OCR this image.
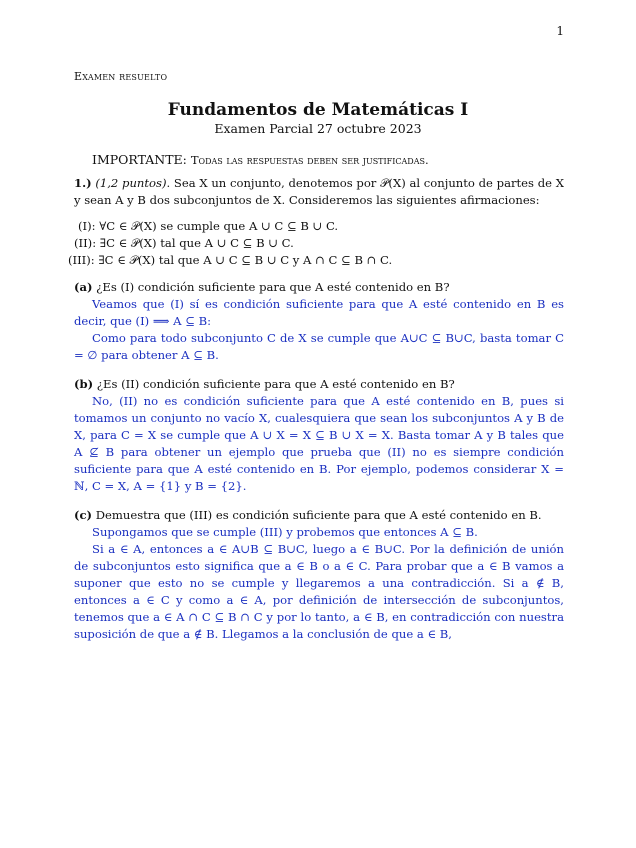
1
Examen resuelto
Fundamentos de Matemáticas I
Examen Parcial 27 octubre 2023
IMPORTANTE: Todas las respuestas deben ser justificadas.

1.) (1,2 puntos). Sea X un conjunto, denotemos por 𝒫(X) al conjunto de partes de X y sean A y B dos subconjuntos de X. Consideremos las siguientes afirmaciones:

(I): ∀C ∈ 𝒫(X) se cumple que A ∪ C ⊆ B ∪ C.

(II): ∃C ∈ 𝒫(X) tal que A ∪ C ⊆ B ∪ C.

(III): ∃C ∈ 𝒫(X) tal que A ∪ C ⊆ B ∪ C y A ∩ C ⊆ B ∩ C.

(a) ¿Es (I) condición suficiente para que A esté contenido en B?

Veamos que (I) sí es condición suficiente para que A esté contenido en B es decir, que (I) ⟹ A ⊆ B:

Como para todo subconjunto C de X se cumple que A∪C ⊆ B∪C, basta tomar C = ∅ para obtener A ⊆ B.

(b) ¿Es (II) condición suficiente para que A esté contenido en B?

No, (II) no es condición suficiente para que A esté contenido en B, pues si tomamos un conjunto no vacío X, cualesquiera que sean los subconjuntos A y B de X, para C = X se cumple que A ∪ X = X ⊆ B ∪ X = X. Basta tomar A y B tales que A ⊈ B para obtener un ejemplo que prueba que (II) no es siempre condición suficiente para que A esté contenido en B. Por ejemplo, podemos considerar X = ℕ, C = X, A = {1} y B = {2}.

(c) Demuestra que (III) es condición suficiente para que A esté contenido en B.

Supongamos que se cumple (III) y probemos que entonces A ⊆ B.

Si a ∈ A, entonces a ∈ A∪B ⊆ B∪C, luego a ∈ B∪C. Por la definición de unión de subconjuntos esto significa que a ∈ B o a ∈ C. Para probar que a ∈ B vamos a suponer que esto no se cumple y llegaremos a una contradicción. Si a ∉ B, entonces a ∈ C y como a ∈ A, por definición de intersección de subconjuntos, tenemos que a ∈ A ∩ C ⊆ B ∩ C y por lo tanto, a ∈ B, en contradicción con nuestra suposición de que a ∉ B. Llegamos a la conclusión de que a ∈ B,
